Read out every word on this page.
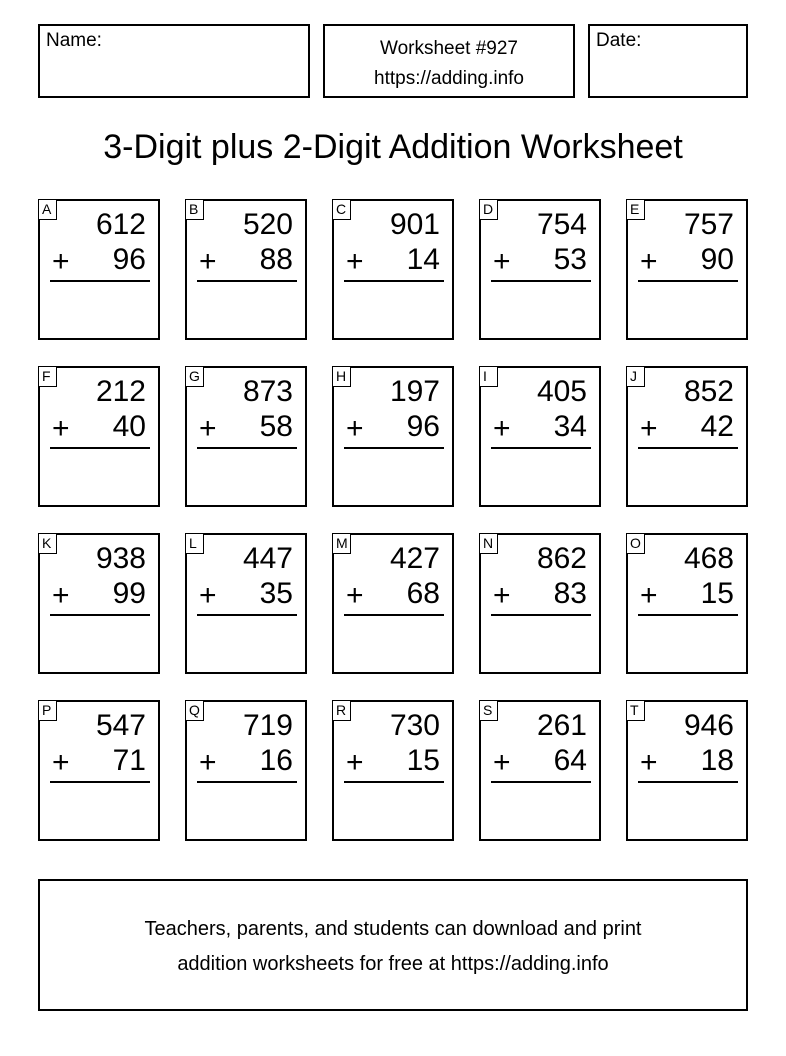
Name:	Worksheet #927
https://adding.info
Date:
3-Digit plus 2-Digit Addition Worksheet
A 612
+ 96
B 520
+ 88
C 901
+ 14
D 754
+ 53
E 757
+ 90
F 212
+ 40
G 873
+ 58
H 197
+ 96
I	405
+ 34
J 852
+ 42
K 938
+ 99
L 447
+ 35
M 427
+ 68
N 862
+ 83
O 468
+ 15
P 547
+ 71
Q 719
+ 16
R 730
+ 15
S 261
+ 64
T 946
+ 18
Teachers, parents, and students can download and print
addition worksheets for free at https://adding.info
